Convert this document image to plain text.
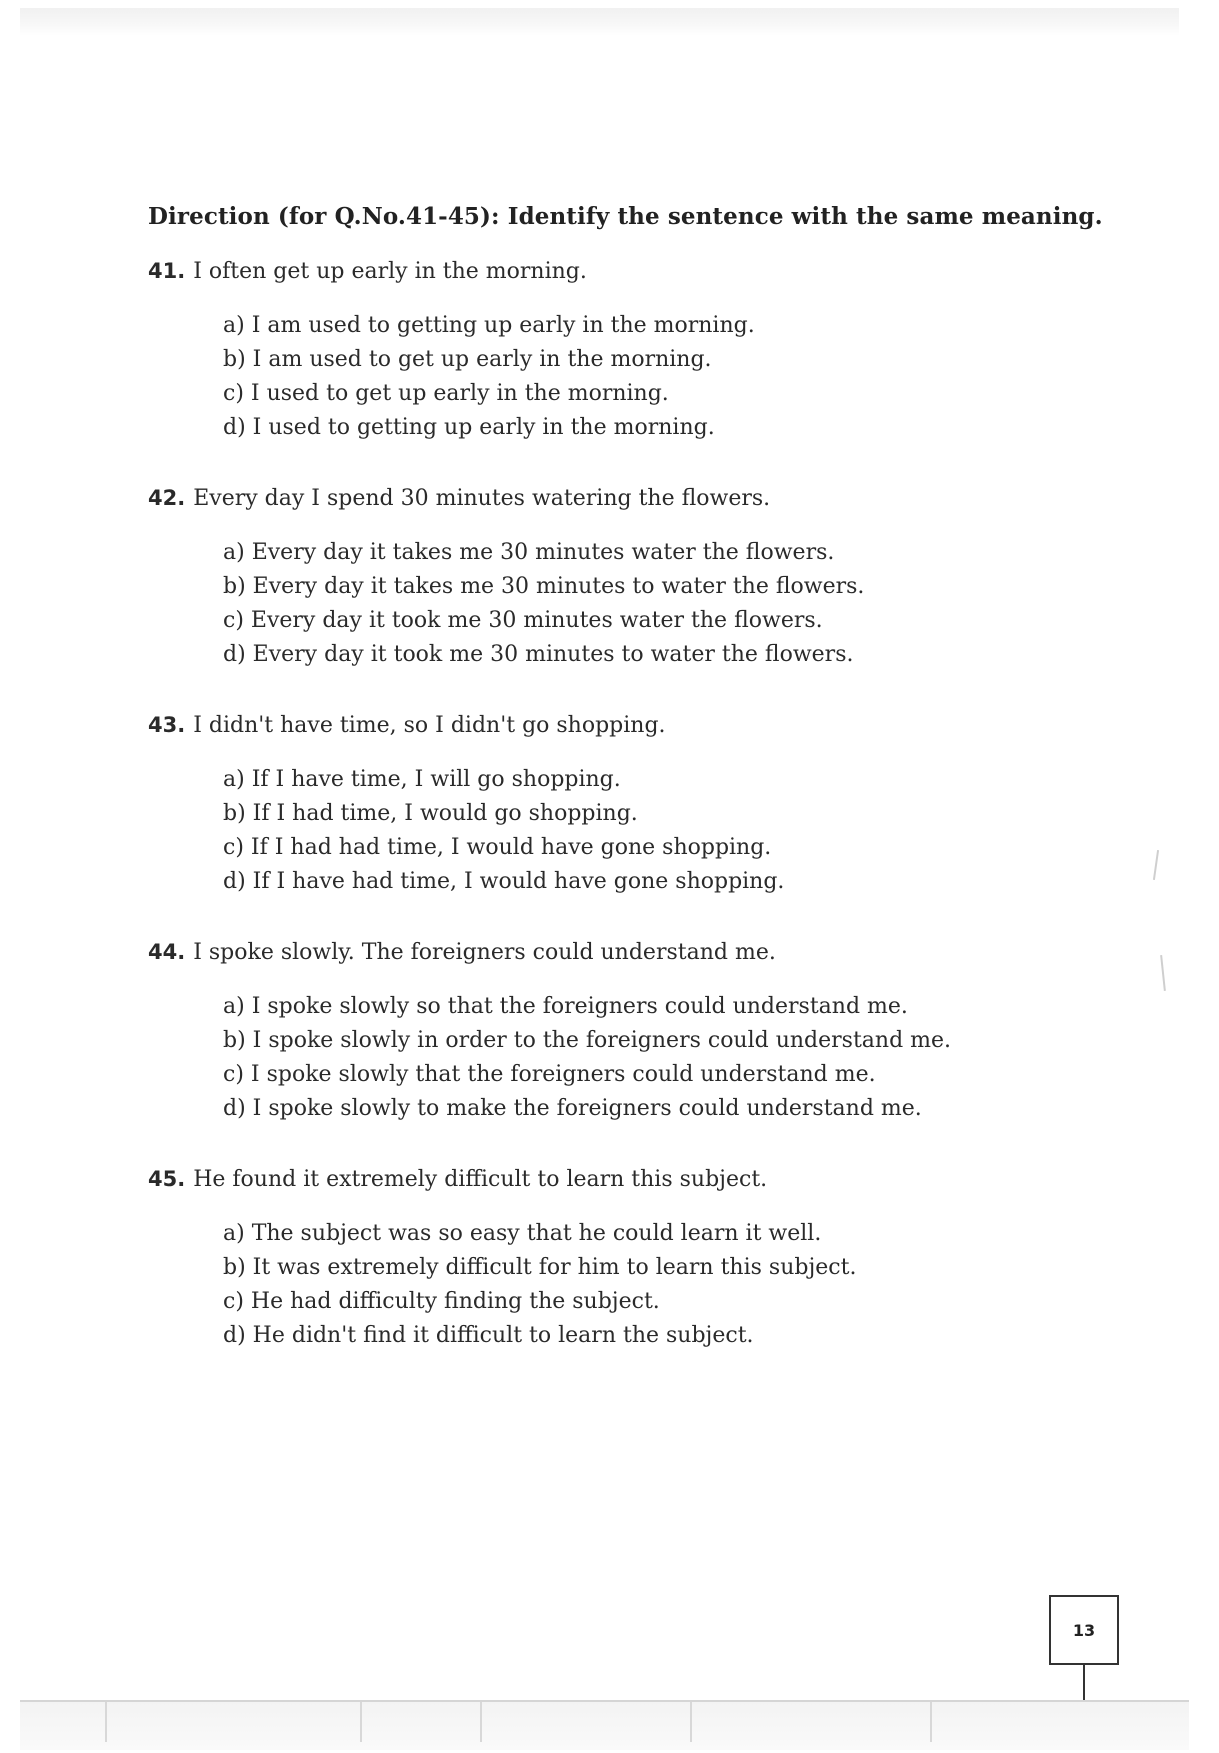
Direction (for Q.No.41-45): Identify the sentence with the same meaning.
41. I often get up early in the morning.
a) I am used to getting up early in the morning.
b) I am used to get up early in the morning.
c) I used to get up early in the morning.
d) I used to getting up early in the morning.
42. Every day I spend 30 minutes watering the flowers.
a) Every day it takes me 30 minutes water the flowers.
b) Every day it takes me 30 minutes to water the flowers.
c) Every day it took me 30 minutes water the flowers.
d) Every day it took me 30 minutes to water the flowers.
43. I didn't have time, so I didn't go shopping.
a) If I have time, I will go shopping.
b) If I had time, I would go shopping.
c) If I had had time, I would have gone shopping.
d) If I have had time, I would have gone shopping.
44. I spoke slowly. The foreigners could understand me.
a) I spoke slowly so that the foreigners could understand me.
b) I spoke slowly in order to the foreigners could understand me.
c) I spoke slowly that the foreigners could understand me.
d) I spoke slowly to make the foreigners could understand me.
45. He found it extremely difficult to learn this subject.
a) The subject was so easy that he could learn it well.
b) It was extremely difficult for him to learn this subject.
c) He had difficulty finding the subject.
d) He didn't find it difficult to learn the subject.
13
